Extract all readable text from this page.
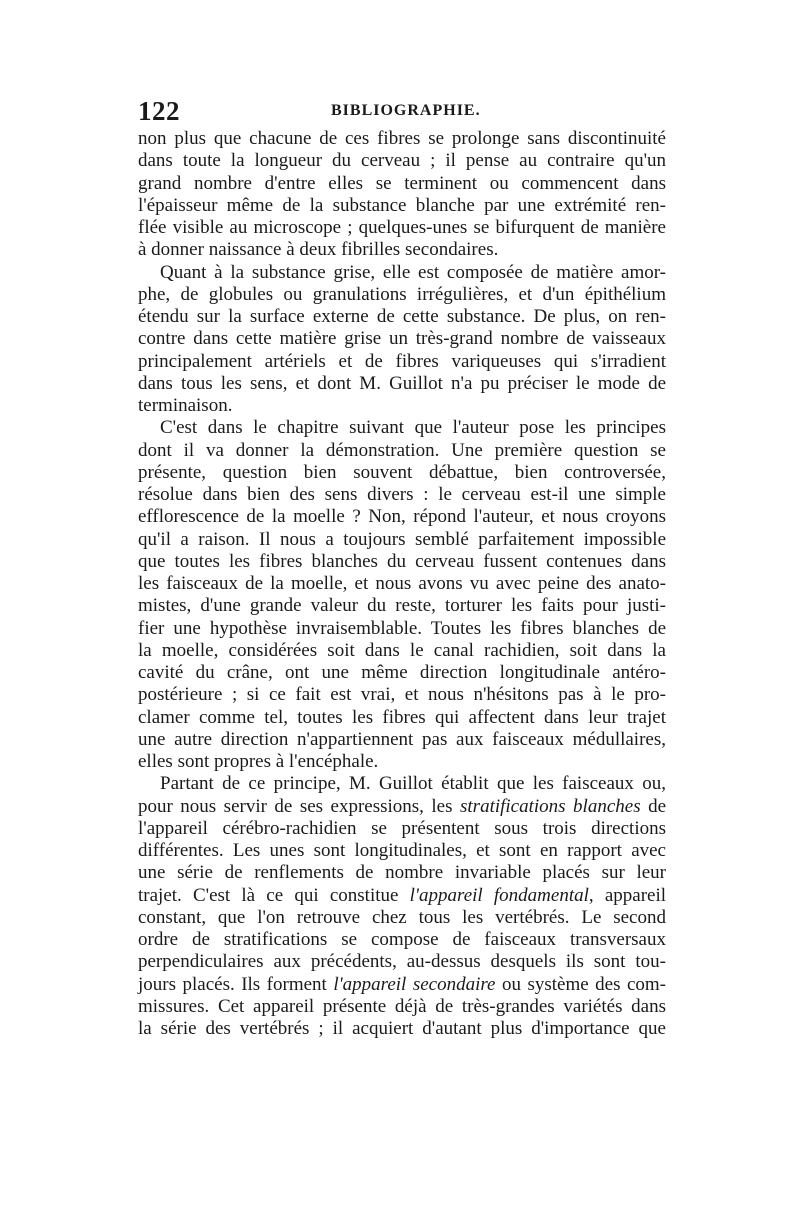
122	BIBLIOGRAPHIE.
non plus que chacune de ces fibres se prolonge sans discontinuité
dans toute la longueur du cerveau ; il pense au contraire qu'un
grand nombre d'entre elles se terminent ou commencent dans
l'épaisseur même de la substance blanche par une extrémité ren-
flée visible au microscope ; quelques-unes se bifurquent de manière
à donner naissance à deux fibrilles secondaires.
Quant à la substance grise, elle est composée de matière amor-
phe, de globules ou granulations irrégulières, et d'un épithélium
étendu sur la surface externe de cette substance. De plus, on ren-
contre dans cette matière grise un très-grand nombre de vaisseaux
principalement artériels et de fibres variqueuses qui s'irradient
dans tous les sens, et dont M. Guillot n'a pu préciser le mode de
terminaison.
C'est dans le chapitre suivant que l'auteur pose les principes
dont il va donner la démonstration. Une première question se
présente, question bien souvent débattue, bien controversée,
résolue dans bien des sens divers : le cerveau est-il une simple
efflorescence de la moelle ? Non, répond l'auteur, et nous croyons
qu'il a raison. Il nous a toujours semblé parfaitement impossible
que toutes les fibres blanches du cerveau fussent contenues dans
les faisceaux de la moelle, et nous avons vu avec peine des anato-
mistes, d'une grande valeur du reste, torturer les faits pour justi-
fier une hypothèse invraisemblable. Toutes les fibres blanches de
la moelle, considérées soit dans le canal rachidien, soit dans la
cavité du crâne, ont une même direction longitudinale antéro-
postérieure ; si ce fait est vrai, et nous n'hésitons pas à le pro-
clamer comme tel, toutes les fibres qui affectent dans leur trajet
une autre direction n'appartiennent pas aux faisceaux médullaires,
elles sont propres à l'encéphale.
Partant de ce principe, M. Guillot établit que les faisceaux ou,
pour nous servir de ses expressions, les stratifications blanches de
l'appareil cérébro-rachidien se présentent sous trois directions
différentes. Les unes sont longitudinales, et sont en rapport avec
une série de renflements de nombre invariable placés sur leur
trajet. C'est là ce qui constitue l'appareil fondamental, appareil
constant, que l'on retrouve chez tous les vertébrés. Le second
ordre de stratifications se compose de faisceaux transversaux
perpendiculaires aux précédents, au-dessus desquels ils sont tou-
jours placés. Ils forment l'appareil secondaire ou système des com-
missures. Cet appareil présente déjà de très-grandes variétés dans
la série des vertébrés ; il acquiert d'autant plus d'importance que
